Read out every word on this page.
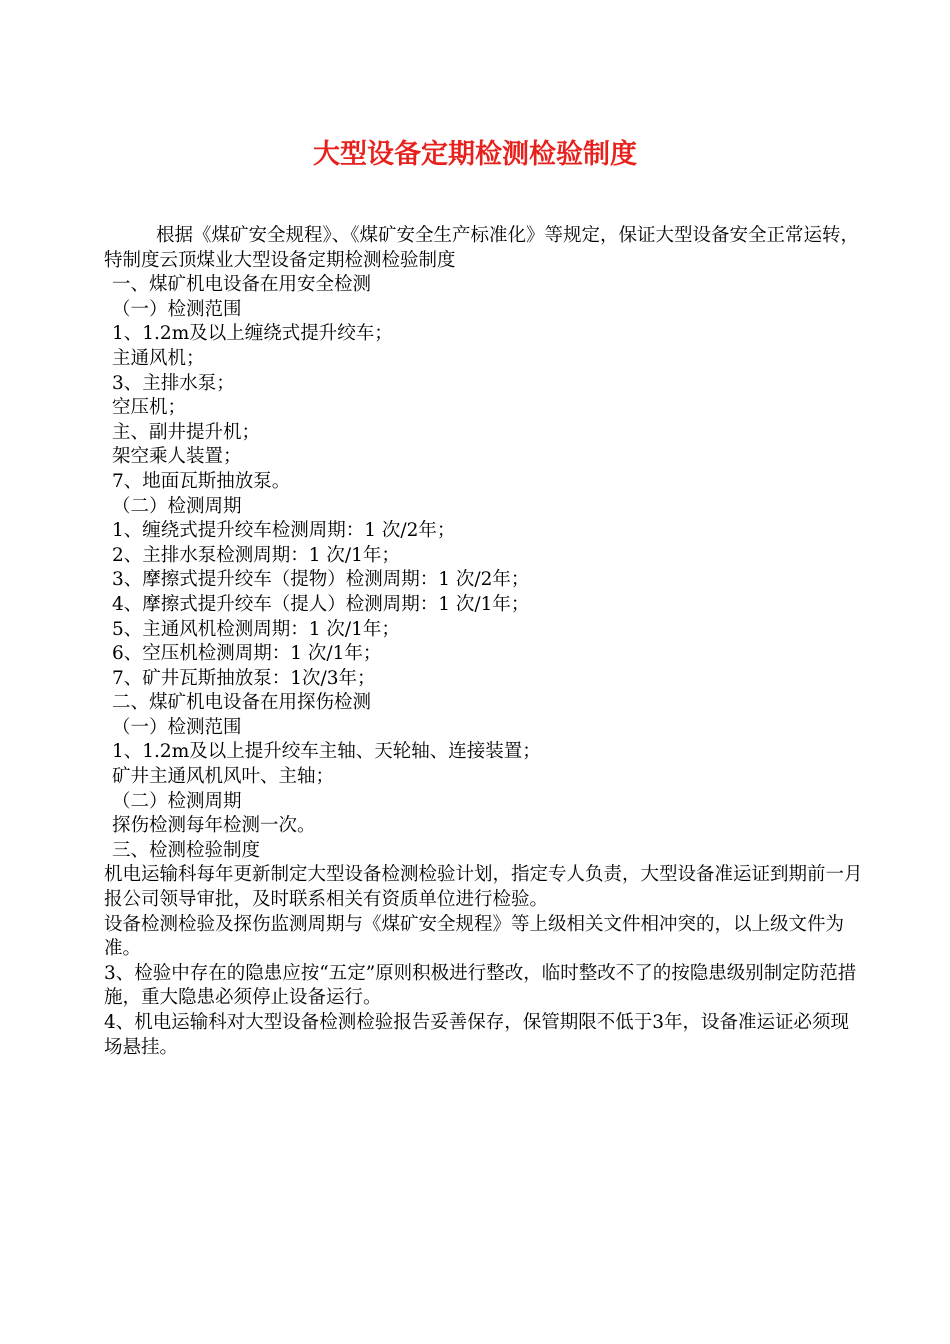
大型设备定期检测检验制度
根据《煤矿安全规程》、《煤矿安全生产标准化》等规定，保证大型设备安全正常运转，特制度云顶煤业大型设备定期检测检验制度
一、煤矿机电设备在用安全检测
（一）检测范围
1、1.2m及以上缠绕式提升绞车；
主通风机；
3、主排水泵；
空压机；
主、副井提升机；
架空乘人装置；
7、地面瓦斯抽放泵。
（二）检测周期
1、缠绕式提升绞车检测周期：1 次/2年；
2、主排水泵检测周期：1 次/1年；
3、摩擦式提升绞车（提物）检测周期：1 次/2年；
4、摩擦式提升绞车（提人）检测周期：1 次/1年；
5、主通风机检测周期：1 次/1年；
6、空压机检测周期：1 次/1年；
7、矿井瓦斯抽放泵：1次/3年；
二、煤矿机电设备在用探伤检测
（一）检测范围
1、1.2m及以上提升绞车主轴、天轮轴、连接装置；
矿井主通风机风叶、主轴；
（二）检测周期
探伤检测每年检测一次。
三、检测检验制度
机电运输科每年更新制定大型设备检测检验计划，指定专人负责，大型设备准运证到期前一月报公司领导审批，及时联系相关有资质单位进行检验。
设备检测检验及探伤监测周期与《煤矿安全规程》等上级相关文件相冲突的，以上级文件为准。
3、检验中存在的隐患应按“五定”原则积极进行整改，临时整改不了的按隐患级别制定防范措施，重大隐患必须停止设备运行。
4、机电运输科对大型设备检测检验报告妥善保存，保管期限不低于3年，设备准运证必须现场悬挂。
